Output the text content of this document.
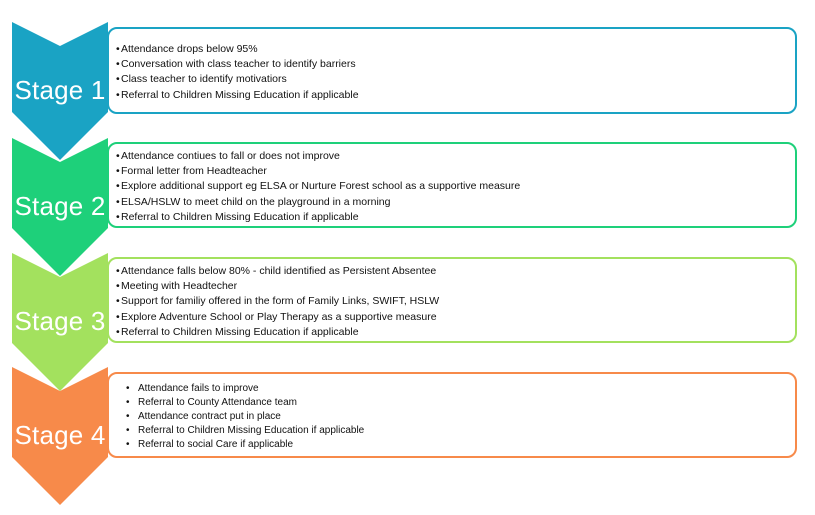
Stage 1
•Attendance drops below 95%
•Conversation with class teacher to identify barriers
•Class teacher to identify motivatiors
•Referral to Children Missing Education if applicable
Stage 2
•Attendance contiues to fall or does not improve
•Formal letter from Headteacher
•Explore additional support eg ELSA or Nurture Forest school as a supportive measure
•ELSA/HSLW to meet child on the playground in a morning
•Referral to Children Missing Education if applicable
Stage 3
•Attendance falls below 80% - child identified as Persistent Absentee
•Meeting with Headtecher
•Support for familiy offered in the form of Family Links, SWIFT, HSLW
•Explore Adventure School or Play Therapy as a supportive measure
•Referral to Children Missing Education if applicable
Stage 4
• Attendance fails to improve
• Referral to County Attendance team
• Attendance contract put in place
• Referral to Children Missing Education if applicable
• Referral to social Care if applicable
